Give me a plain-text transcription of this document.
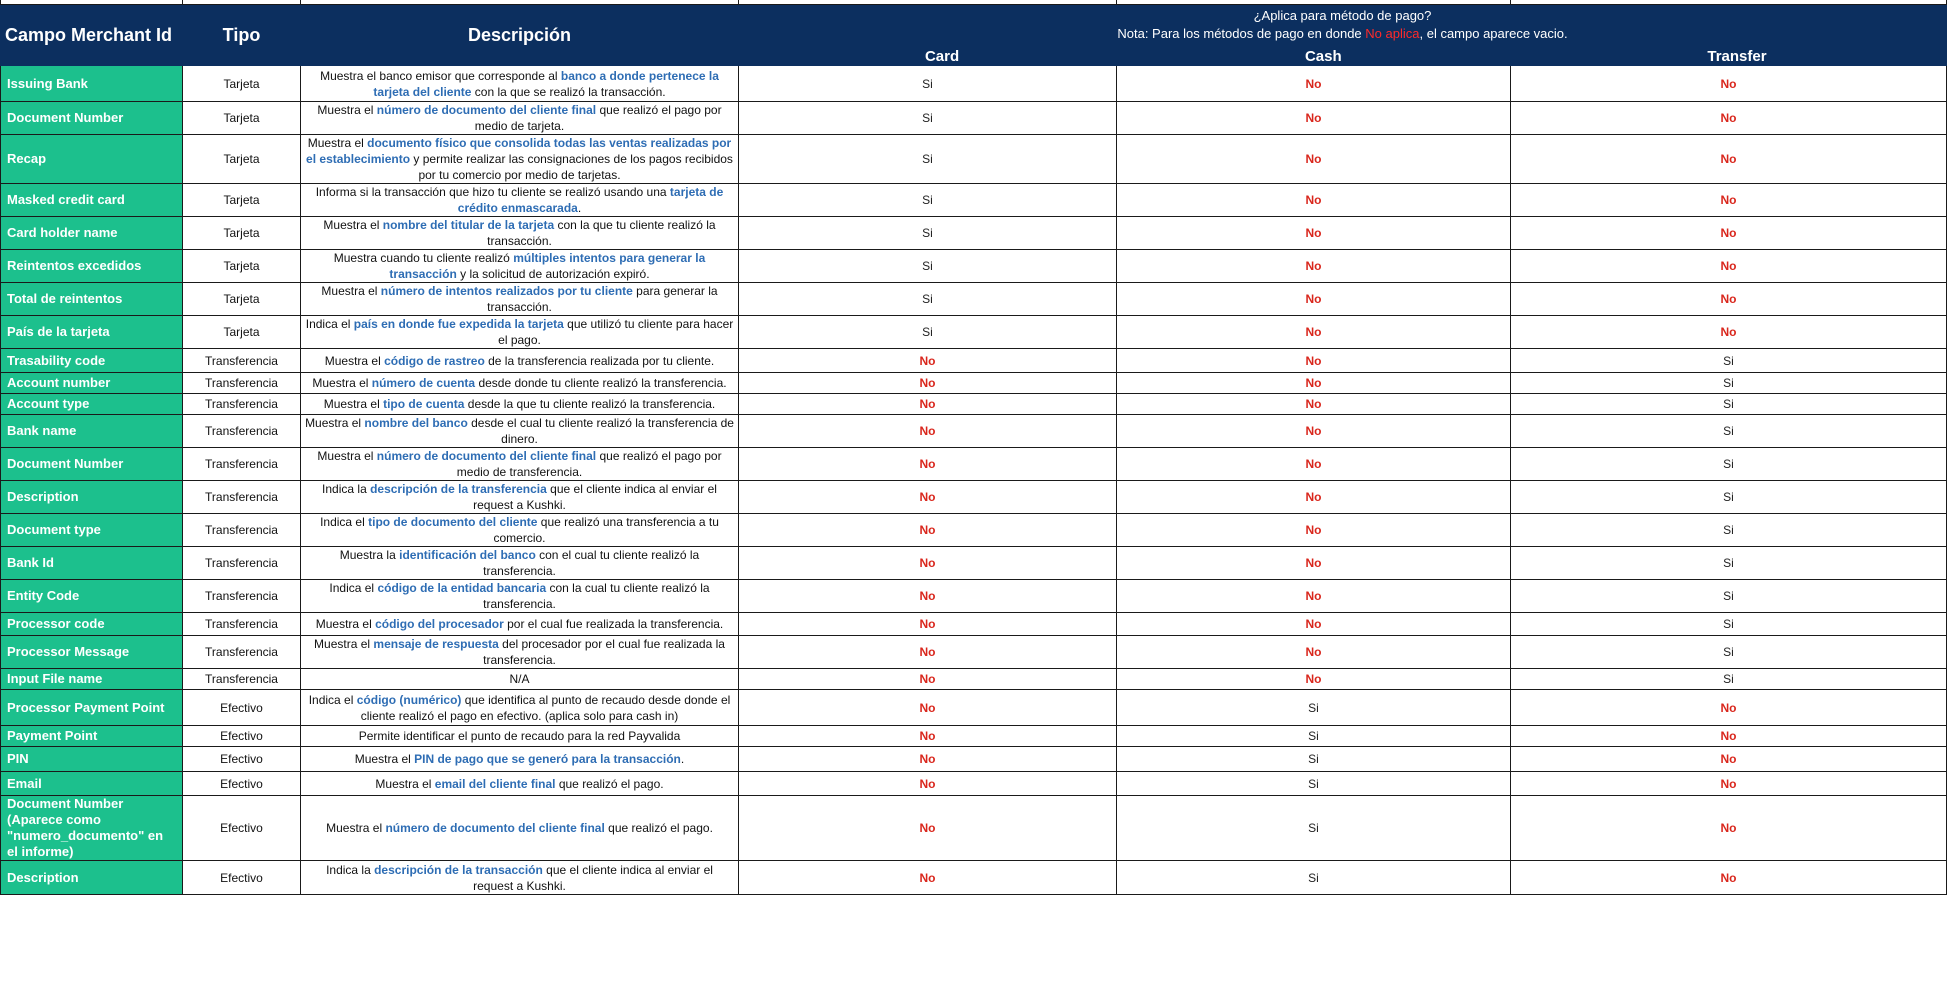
Campo Merchant Id	Tipo	Descripción	¿Aplica para método de pago?
Nota: Para los métodos de pago en donde No aplica, el campo aparece vacio.
Card Cash Transfer		

Issuing Bank	Tarjeta	Muestra el banco emisor que corresponde al banco a donde pertenece la tarjeta del cliente con la que se realizó la transacción.	Si	No	No
Document Number	Tarjeta	Muestra el número de documento del cliente final que realizó el pago por medio de tarjeta.	Si	No	No
Recap	Tarjeta	Muestra el documento físico que consolida todas las ventas realizadas por el establecimiento y permite realizar las consignaciones de los pagos recibidos por tu comercio por medio de tarjetas.	Si	No	No
Masked credit card	Tarjeta	Informa si la transacción que hizo tu cliente se realizó usando una tarjeta de crédito enmascarada.	Si	No	No
Card holder name	Tarjeta	Muestra el nombre del titular de la tarjeta con la que tu cliente realizó la transacción.	Si	No	No
Reintentos excedidos	Tarjeta	Muestra cuando tu cliente realizó múltiples intentos para generar la transacción y la solicitud de autorización expiró.	Si	No	No
Total de reintentos	Tarjeta	Muestra el número de intentos realizados por tu cliente para generar la transacción.	Si	No	No
País de la tarjeta	Tarjeta	Indica el país en donde fue expedida la tarjeta que utilizó tu cliente para hacer el pago.	Si	No	No
Trasability code	Transferencia	Muestra el código de rastreo de la transferencia realizada por tu cliente.	No	No	Si
Account number	Transferencia	Muestra el número de cuenta desde donde tu cliente realizó la transferencia.	No	No	Si
Account type	Transferencia	Muestra el tipo de cuenta desde la que tu cliente realizó la transferencia.	No	No	Si
Bank name	Transferencia	Muestra el nombre del banco desde el cual tu cliente realizó la transferencia de dinero.	No	No	Si
Document Number	Transferencia	Muestra el número de documento del cliente final que realizó el pago por medio de transferencia.	No	No	Si
Description	Transferencia	Indica la descripción de la transferencia que el cliente indica al enviar el request a Kushki.	No	No	Si
Document type	Transferencia	Indica el tipo de documento del cliente que realizó una transferencia a tu comercio.	No	No	Si
Bank Id	Transferencia	Muestra la identificación del banco con el cual tu cliente realizó la transferencia.	No	No	Si
Entity Code	Transferencia	Indica el código de la entidad bancaria con la cual tu cliente realizó la transferencia.	No	No	Si
Processor code	Transferencia	Muestra el código del procesador por el cual fue realizada la transferencia.	No	No	Si
Processor Message	Transferencia	Muestra el mensaje de respuesta del procesador por el cual fue realizada la transferencia.	No	No	Si
Input File name	Transferencia	N/A	No	No	Si
Processor Payment Point	Efectivo	Indica el código (numérico) que identifica al punto de recaudo desde donde el cliente realizó el pago en efectivo. (aplica solo para cash in)	No	Si	No
Payment Point	Efectivo	Permite identificar el punto de recaudo para la red Payvalida	No	Si	No
PIN	Efectivo	Muestra el PIN de pago que se generó para la transacción.	No	Si	No
Email	Efectivo	Muestra el email del cliente final que realizó el pago.	No	Si	No
Document Number (Aparece como "numero_documento" en el informe)	Efectivo	Muestra el número de documento del cliente final que realizó el pago.	No	Si	No
Description	Efectivo	Indica la descripción de la transacción que el cliente indica al enviar el request a Kushki.	No	Si	No
